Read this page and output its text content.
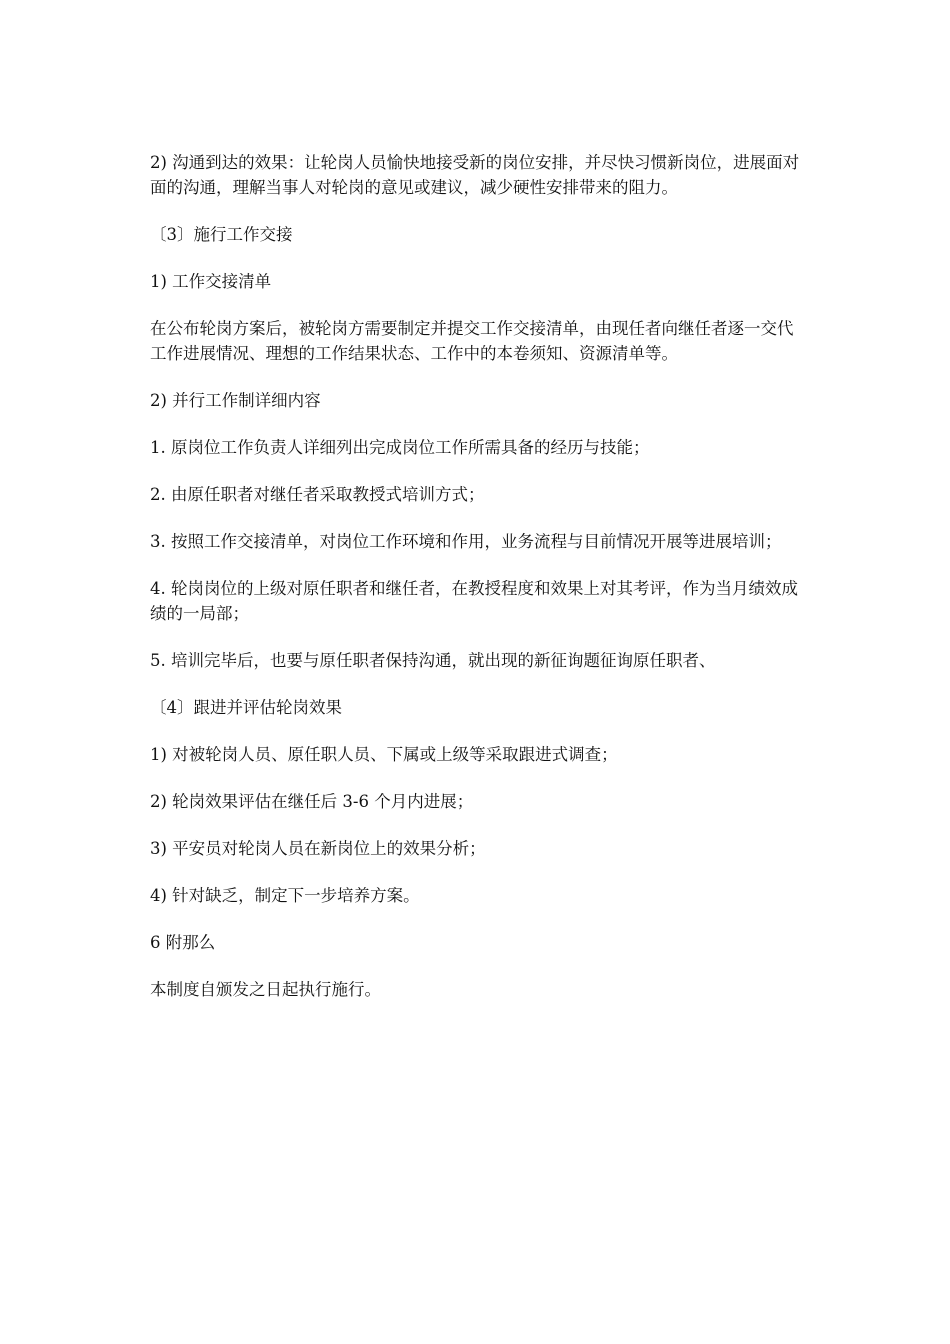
2) 沟通到达的效果：让轮岗人员愉快地接受新的岗位安排，并尽快习惯新岗位，进展面对面的沟通，理解当事人对轮岗的意见或建议，减少硬性安排带来的阻力。

〔3〕施行工作交接

1) 工作交接清单

在公布轮岗方案后，被轮岗方需要制定并提交工作交接清单，由现任者向继任者逐一交代工作进展情况、理想的工作结果状态、工作中的本卷须知、资源清单等。

2) 并行工作制详细内容

1. 原岗位工作负责人详细列出完成岗位工作所需具备的经历与技能；

2. 由原任职者对继任者采取教授式培训方式；

3. 按照工作交接清单，对岗位工作环境和作用，业务流程与目前情况开展等进展培训；

4. 轮岗岗位的上级对原任职者和继任者，在教授程度和效果上对其考评，作为当月绩效成绩的一局部；

5. 培训完毕后，也要与原任职者保持沟通，就出现的新征询题征询原任职者、

〔4〕跟进并评估轮岗效果

1) 对被轮岗人员、原任职人员、下属或上级等采取跟进式调查；

2) 轮岗效果评估在继任后 3-6 个月内进展；

3) 平安员对轮岗人员在新岗位上的效果分析；

4) 针对缺乏，制定下一步培养方案。

6 附那么

本制度自颁发之日起执行施行。
